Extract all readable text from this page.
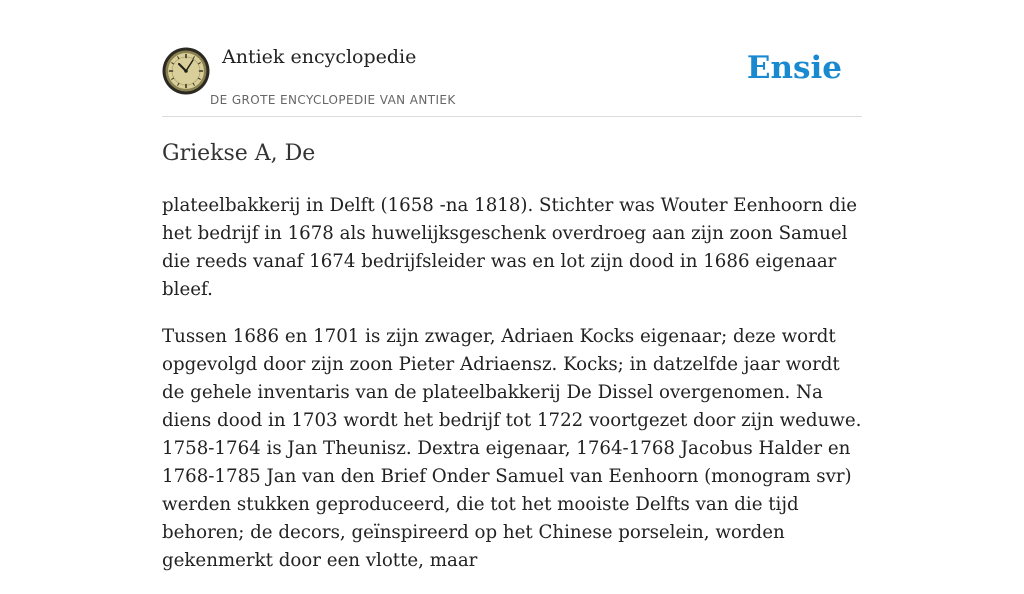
Antiek encyclopedie
DE GROTE ENCYCLOPEDIE VAN ANTIEK
Ensie
Griekse A, De

plateelbakkerij in Delft (1658 -na 1818). Stichter was Wouter Eenhoorn die het bedrijf in 1678 als huwelijksgeschenk overdroeg aan zijn zoon Samuel die reeds vanaf 1674 bedrijfsleider was en lot zijn dood in 1686 eigenaar bleef.

Tussen 1686 en 1701 is zijn zwager, Adriaen Kocks eigenaar; deze wordt opgevolgd door zijn zoon Pieter Adriaensz. Kocks; in datzelfde jaar wordt de gehele inventaris van de plateelbakkerij De Dissel overgenomen. Na diens dood in 1703 wordt het bedrijf tot 1722 voortgezet door zijn weduwe. 1758-1764 is Jan Theunisz. Dextra eigenaar, 1764-1768 Jacobus Halder en 1768-1785 Jan van den Brief Onder Samuel van Eenhoorn (monogram svr) werden stukken geproduceerd, die tot het mooiste Delfts van die tijd behoren; de decors, geïnspireerd op het Chinese porselein, worden gekenmerkt door een vlotte, maar
